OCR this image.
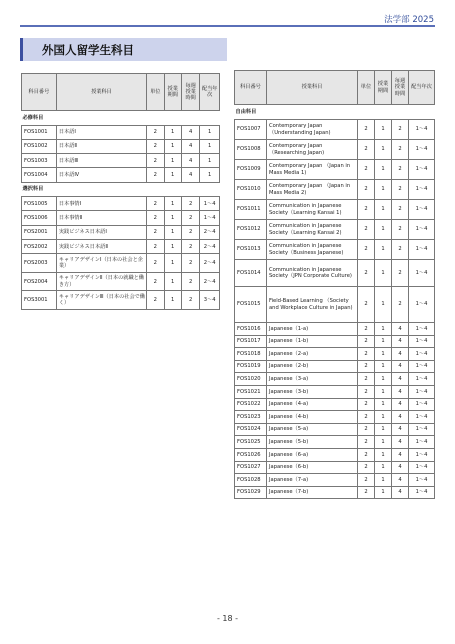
法学部 2025
外国人留学生科目
科目番号	授業科目	単位	授業期間	毎週授業時間	配当年次
必修科目					
FOS1001	日本語Ⅰ	2	1	4	1
FOS1002	日本語Ⅱ	2	1	4	1
FOS1003	日本語Ⅲ	2	1	4	1
FOS1004	日本語Ⅳ	2	1	4	1
選択科目					
FOS1005	日本事情Ⅰ	2	1	2	1～4
FOS1006	日本事情Ⅱ	2	1	2	1～4
FOS2001	実践ビジネス日本語Ⅰ	2	1	2	2～4
FOS2002	実践ビジネス日本語Ⅱ	2	1	2	2～4
FOS2003	キャリアデザインⅠ（日本の社会と企業）	2	1	2	2～4
FOS2004	キャリアデザインⅡ（日本の就職と働き方）	2	1	2	2～4
FOS3001	キャリアデザインⅢ（日本の社会で働く）	2	1	2	3～4
科目番号	授業科目	単位	授業期間	毎週授業時間	配当年次
自由科目					
FOS1007	Contemporary Japan （Understanding Japan)	2	1	2	1～4
FOS1008	Contemporary Japan （Researching Japan)	2	1	2	1～4
FOS1009	Contemporary Japan （Japan in Mass Media 1)	2	1	2	1～4
FOS1010	Contemporary Japan （Japan in Mass Media 2)	2	1	2	1～4
FOS1011	Communication in Japanese Society（Learning Kansai 1)	2	1	2	1～4
FOS1012	Communication in Japanese Society（Learning Kansai 2)	2	1	2	1～4
FOS1013	Communication in Japanese Society（Business Japanese)	2	1	2	1～4
FOS1014	Communication in Japanese Society（JPN Corporate Culture)	2	1	2	1～4
FOS1015	Field-Based Learning （Society and Workplace Culture in Japan)	2	1	2	1～4
FOS1016	Japanese（1-a)	2	1	4	1～4
FOS1017	Japanese（1-b)	2	1	4	1～4
FOS1018	Japanese（2-a)	2	1	4	1～4
FOS1019	Japanese（2-b)	2	1	4	1～4
FOS1020	Japanese（3-a)	2	1	4	1～4
FOS1021	Japanese（3-b)	2	1	4	1～4
FOS1022	Japanese（4-a)	2	1	4	1～4
FOS1023	Japanese（4-b)	2	1	4	1～4
FOS1024	Japanese（5-a)	2	1	4	1～4
FOS1025	Japanese（5-b)	2	1	4	1～4
FOS1026	Japanese（6-a)	2	1	4	1～4
FOS1027	Japanese（6-b)	2	1	4	1～4
FOS1028	Japanese（7-a)	2	1	4	1～4
FOS1029	Japanese（7-b)	2	1	4	1～4
- 18 -
